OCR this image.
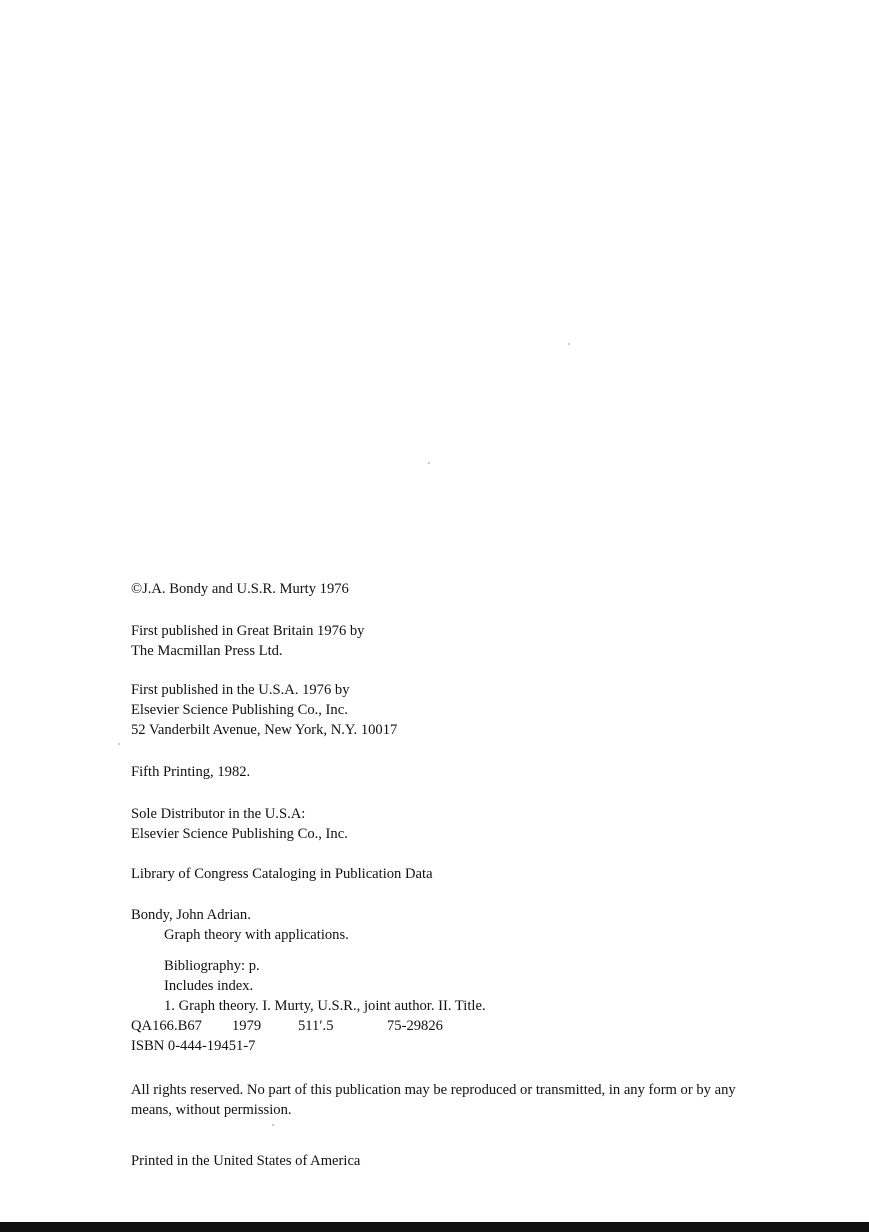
©J.A. Bondy and U.S.R. Murty 1976
First published in Great Britain 1976 by
The Macmillan Press Ltd.
First published in the U.S.A. 1976 by
Elsevier Science Publishing Co., Inc.
52 Vanderbilt Avenue, New York, N.Y. 10017
Fifth Printing, 1982.
Sole Distributor in the U.S.A:
Elsevier Science Publishing Co., Inc.
Library of Congress Cataloging in Publication Data
Bondy, John Adrian.
Graph theory with applications.
Bibliography: p.
Includes index.
1. Graph theory. I. Murty, U.S.R., joint author. II. Title.
QA166.B67 1979	511′.5	75-29826
ISBN 0-444-19451-7
All rights reserved. No part of this publication may be reproduced or transmitted, in any form or by any means, without permission.
Printed in the United States of America
